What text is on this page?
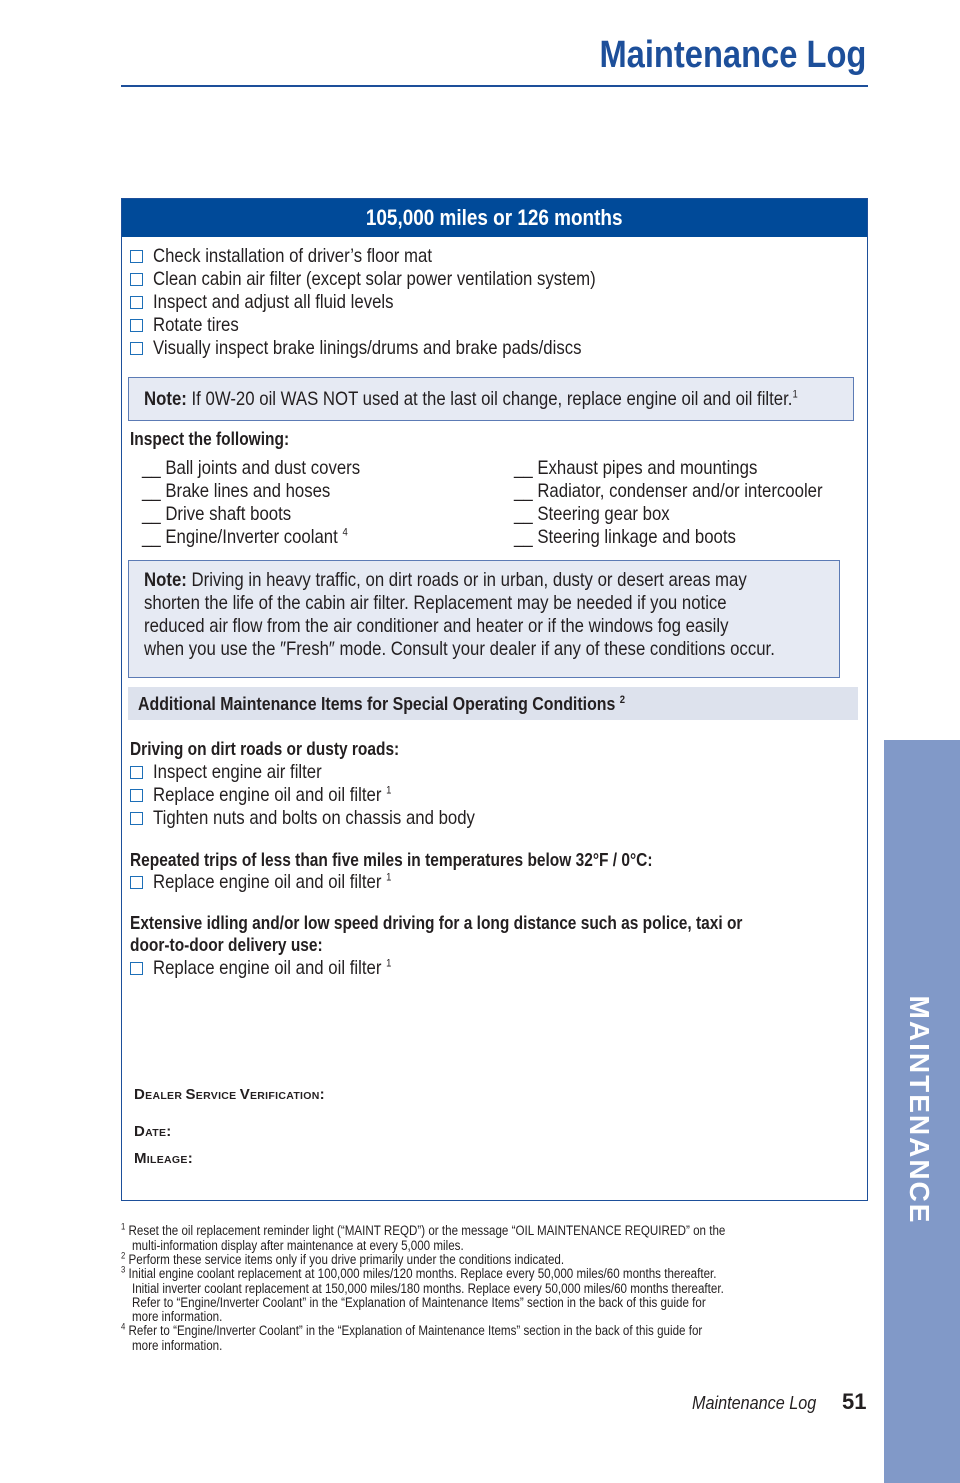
Maintenance Log
105,000 miles or 126 months
Check installation of driver’s floor mat
Clean cabin air filter (except solar power ventilation system)
Inspect and adjust all fluid levels
Rotate tires
Visually inspect brake linings/drums and brake pads/discs
Note: If 0W-20 oil WAS NOT used at the last oil change, replace engine oil and oil filter.$^1$
Inspect the following:
__ Ball joints and dust covers
__ Brake lines and hoses
__ Drive shaft boots
__ Engine/Inverter coolant $^4$
__ Exhaust pipes and mountings
__ Radiator, condenser and/or intercooler
__ Steering gear box
__ Steering linkage and boots
Note: Driving in heavy traffic, on dirt roads or in urban, dusty or desert areas may
shorten the life of the cabin air filter. Replacement may be needed if you notice
reduced air flow from the air conditioner and heater or if the windows fog easily
when you use the ″Fresh″ mode. Consult your dealer if any of these conditions occur.
Additional Maintenance Items for Special Operating Conditions $^2$
Driving on dirt roads or dusty roads:
Inspect engine air filter
Replace engine oil and oil filter $^1$
Tighten nuts and bolts on chassis and body
Repeated trips of less than five miles in temperatures below 32°F / 0°C:
Replace engine oil and oil filter $^1$
Extensive idling and/or low speed driving for a long distance such as police, taxi or
door-to-door delivery use:
Replace engine oil and oil filter $^1$
DEALER SERVICE VERIFICATION:
DATE:
MILEAGE:
$^1$ Reset the oil replacement reminder light (“MAINT REQD”) or the message “OIL MAINTENANCE REQUIRED” on the
multi-information display after maintenance at every 5,000 miles.
$^2$ Perform these service items only if you drive primarily under the conditions indicated.
$^3$ Initial engine coolant replacement at 100,000 miles/120 months. Replace every 50,000 miles/60 months thereafter.
Initial inverter coolant replacement at 150,000 miles/180 months. Replace every 50,000 miles/60 months thereafter.
Refer to “Engine/Inverter Coolant” in the “Explanation of Maintenance Items” section in the back of this guide for
more information.
$^4$ Refer to “Engine/Inverter Coolant” in the “Explanation of Maintenance Items” section in the back of this guide for
more information.
MAINTENANCE
Maintenance Log 51
